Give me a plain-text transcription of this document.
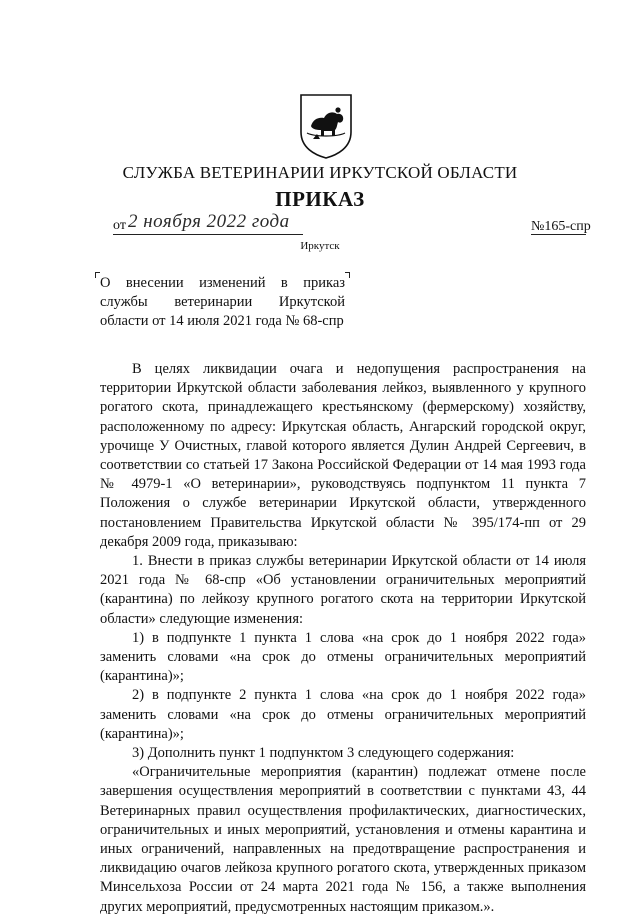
СЛУЖБА ВЕТЕРИНАРИИ ИРКУТСКОЙ ОБЛАСТИ
ПРИКАЗ
от 2 ноября 2022 года	№165-спр
Иркутск
О внесении изменений в приказ службы ветеринарии Иркутской области от 14 июля 2021 года № 68-спр

В целях ликвидации очага и недопущения распространения на территории Иркутской области заболевания лейкоз, выявленного у крупного рогатого скота, принадлежащего крестьянскому (фермерскому) хозяйству, расположенному по адресу: Иркутская область, Ангарский городской округ, урочище У Очистных, главой которого является Дулин Андрей Сергеевич, в соответствии со статьей 17 Закона Российской Федерации от 14 мая 1993 года № 4979-1 «О ветеринарии», руководствуясь подпунктом 11 пункта 7 Положения о службе ветеринарии Иркутской области, утвержденного постановлением Правительства Иркутской области № 395/174-пп от 29 декабря 2009 года, приказываю:

1. Внести в приказ службы ветеринарии Иркутской области от 14 июля 2021 года № 68-спр «Об установлении ограничительных мероприятий (карантина) по лейкозу крупного рогатого скота на территории Иркутской области» следующие изменения:

1) в подпункте 1 пункта 1 слова «на срок до 1 ноября 2022 года» заменить словами «на срок до отмены ограничительных мероприятий (карантина)»;

2) в подпункте 2 пункта 1 слова «на срок до 1 ноября 2022 года» заменить словами «на срок до отмены ограничительных мероприятий (карантина)»;

3) Дополнить пункт 1 подпунктом 3 следующего содержания:

«Ограничительные мероприятия (карантин) подлежат отмене после завершения осуществления мероприятий в соответствии с пунктами 43, 44 Ветеринарных правил осуществления профилактических, диагностических, ограничительных и иных мероприятий, установления и отмены карантина и иных ограничений, направленных на предотвращение распространения и ликвидацию очагов лейкоза крупного рогатого скота, утвержденных приказом Минсельхоза России от 24 марта 2021 года № 156, а также выполнения других мероприятий, предусмотренных настоящим приказом.».
